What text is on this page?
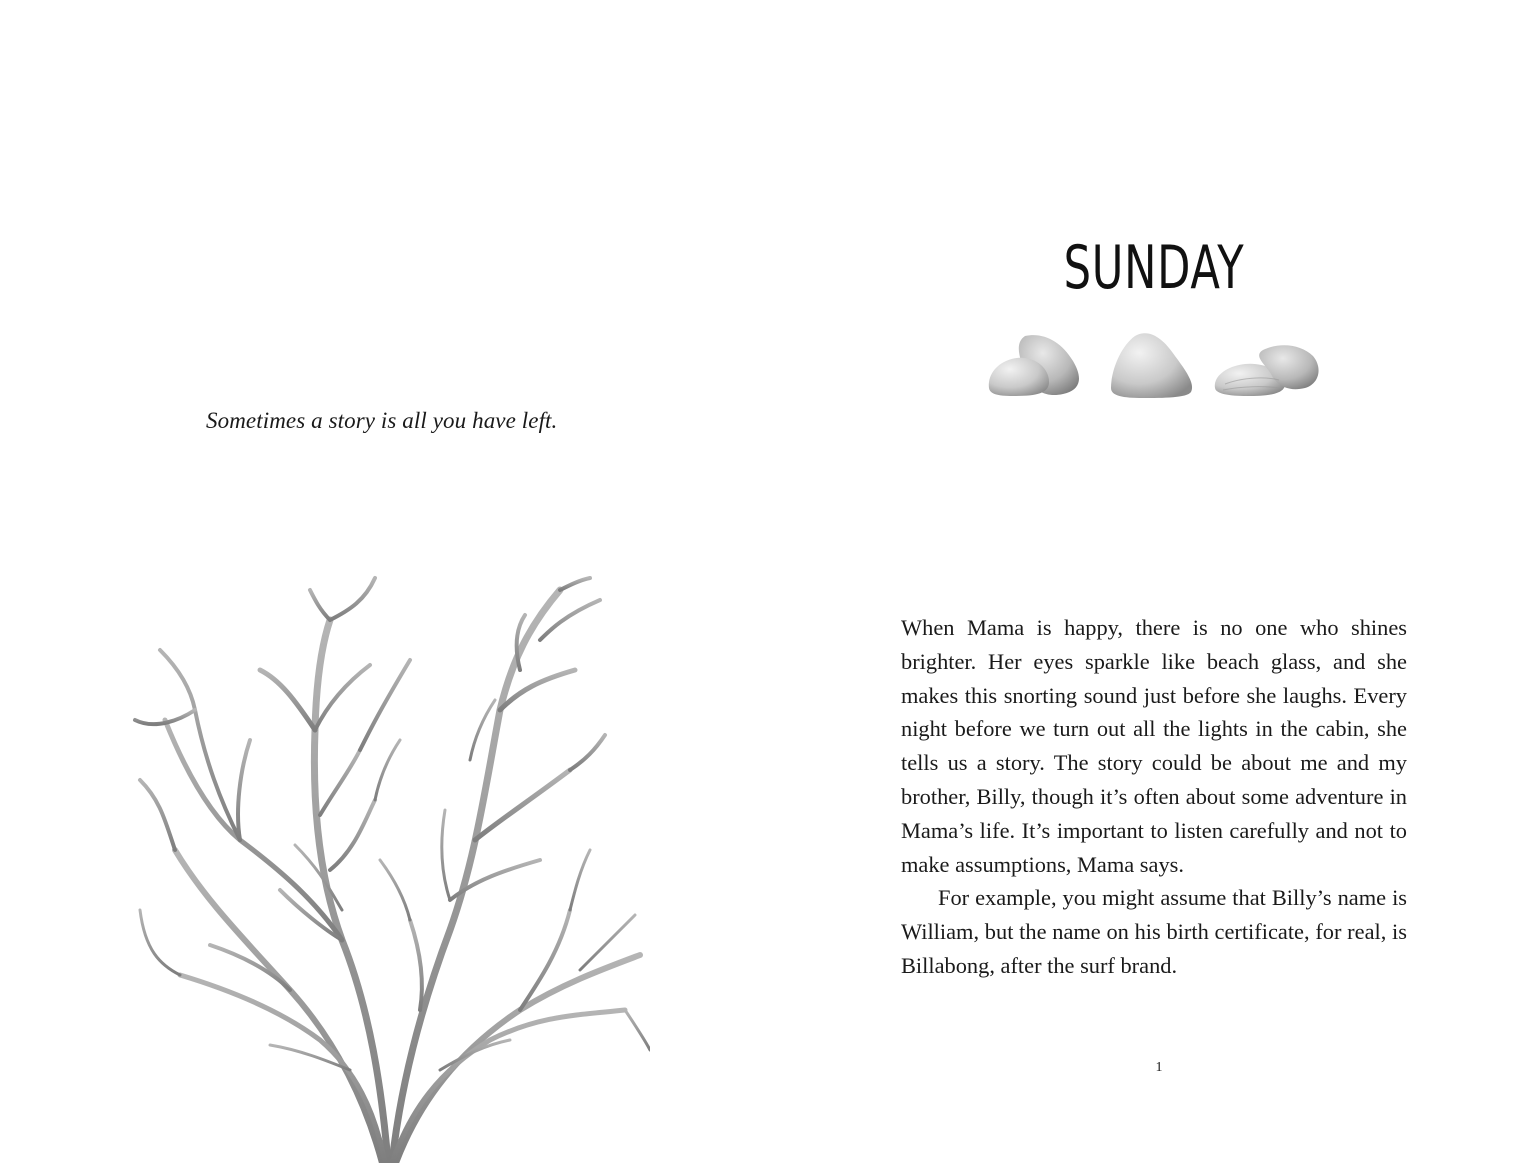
Sometimes a story is all you have left.
SUNDAY

When Mama is happy, there is no one who shines brighter. Her eyes sparkle like beach glass, and she makes this snorting sound just before she laughs. Every night before we turn out all the lights in the cabin, she tells us a story. The story could be about me and my brother, Billy, though it’s often about some adventure in Mama’s life. It’s important to listen carefully and not to make assumptions, Mama says.

For example, you might assume that Billy’s name is William, but the name on his birth certificate, for real, is Billabong, after the surf brand.

1
